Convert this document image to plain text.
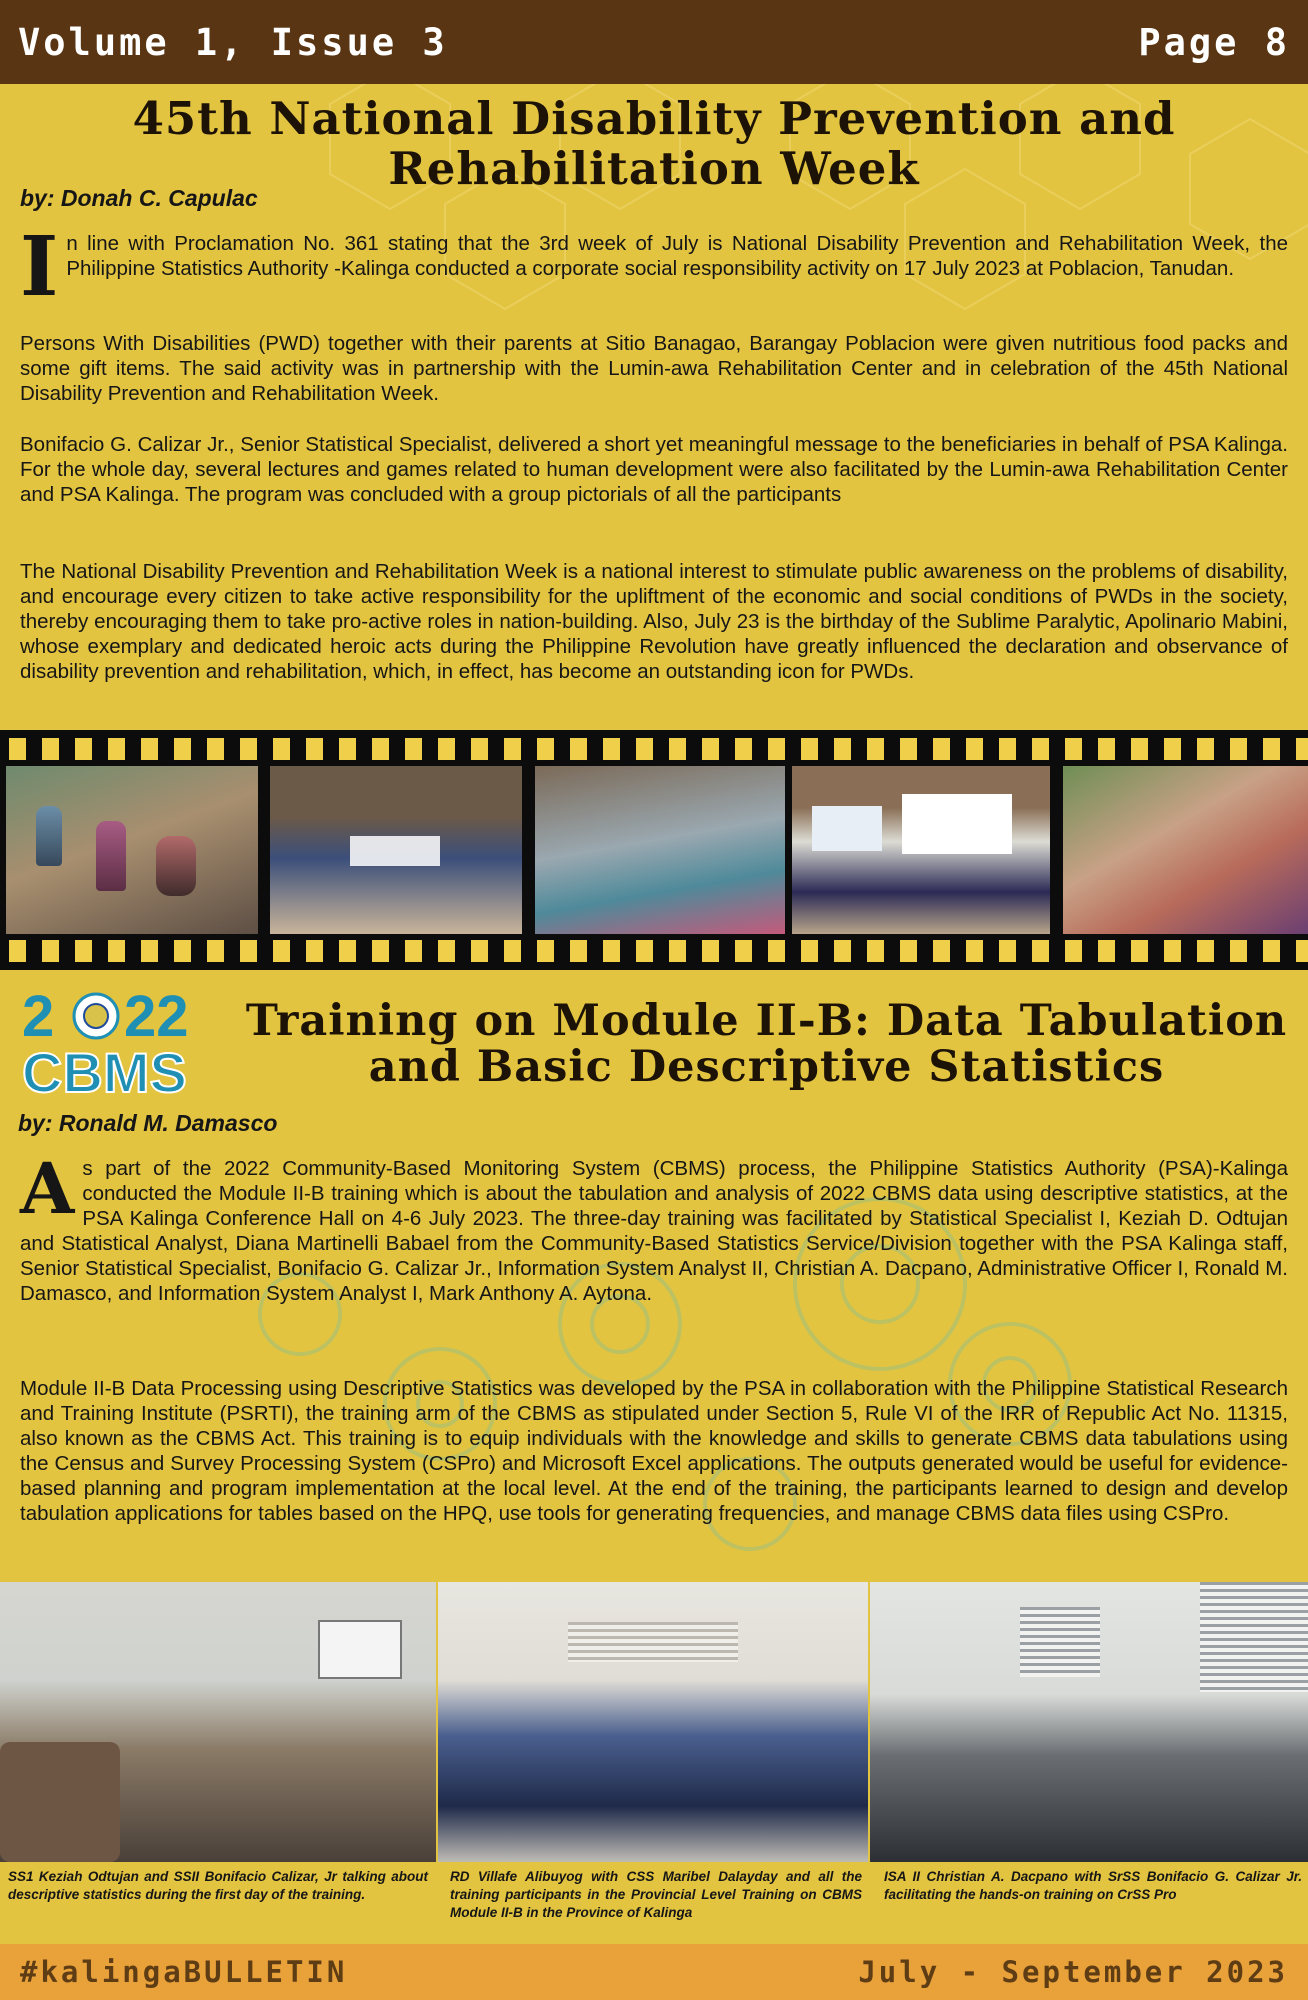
Volume 1, Issue 3	Page 8
45th National Disability Prevention and
Rehabilitation Week
by: Donah C. Capulac
In line with Proclamation No. 361 stating that the 3rd week of July is National Disability Prevention and Rehabilitation Week, the Philippine Statistics Authority -Kalinga conducted a corporate social responsibility activity on 17 July 2023 at Poblacion, Tanudan.

Persons With Disabilities (PWD) together with their parents at Sitio Banagao, Barangay Poblacion were given nutritious food packs and some gift items. The said activity was in partnership with the Lumin-awa Rehabilitation Center and in celebration of the 45th National Disability Prevention and Rehabilitation Week.

Bonifacio G. Calizar Jr., Senior Statistical Specialist, delivered a short yet meaningful message to the beneficiaries in behalf of PSA Kalinga. For the whole day, several lectures and games related to human development were also facilitated by the Lumin-awa Rehabilitation Center and PSA Kalinga. The program was concluded with a group pictorials of all the participants

The National Disability Prevention and Rehabilitation Week is a national interest to stimulate public awareness on the problems of disability, and encourage every citizen to take active responsibility for the upliftment of the economic and social conditions of PWDs in the society, thereby encouraging them to take pro-active roles in nation-building. Also, July 23 is the birthday of the Sublime Paralytic, Apolinario Mabini, whose exemplary and dedicated heroic acts during the Philippine Revolution have greatly influenced the declaration and observance of disability prevention and rehabilitation, which, in effect, has become an outstanding icon for PWDs.

2 22
CBMS
Training on Module II-B: Data Tabulation
and Basic Descriptive Statistics
by: Ronald M. Damasco
As part of the 2022 Community-Based Monitoring System (CBMS) process, the Philippine Statistics Authority (PSA)-Kalinga conducted the Module II-B training which is about the tabulation and analysis of 2022 CBMS data using descriptive statistics, at the PSA Kalinga Conference Hall on 4-6 July 2023. The three-day training was facilitated by Statistical Specialist I, Keziah D. Odtujan and Statistical Analyst, Diana Martinelli Babael from the Community-Based Statistics Service/Division together with the PSA Kalinga staff, Senior Statistical Specialist, Bonifacio G. Calizar Jr., Information System Analyst II, Christian A. Dacpano, Administrative Officer I, Ronald M. Damasco, and Information System Analyst I, Mark Anthony A. Aytona.

Module II-B Data Processing using Descriptive Statistics was developed by the PSA in collaboration with the Philippine Statistical Research and Training Institute (PSRTI), the training arm of the CBMS as stipulated under Section 5, Rule VI of the IRR of Republic Act No. 11315, also known as the CBMS Act. This training is to equip individuals with the knowledge and skills to generate CBMS data tabulations using the Census and Survey Processing System (CSPro) and Microsoft Excel applications. The outputs generated would be useful for evidence-based planning and program implementation at the local level. At the end of the training, the participants learned to design and develop tabulation applications for tables based on the HPQ, use tools for generating frequencies, and manage CBMS data files using CSPro.

SS1 Keziah Odtujan and SSII Bonifacio Calizar, Jr talking about descriptive statistics during the first day of the training.
RD Villafe Alibuyog with CSS Maribel Dalayday and all the training participants in the Provincial Level Training on CBMS Module II-B in the Province of Kalinga
ISA II Christian A. Dacpano with SrSS Bonifacio G. Calizar Jr. facilitating the hands-on training on CrSS Pro
#kalingaBULLETIN	July - September 2023
